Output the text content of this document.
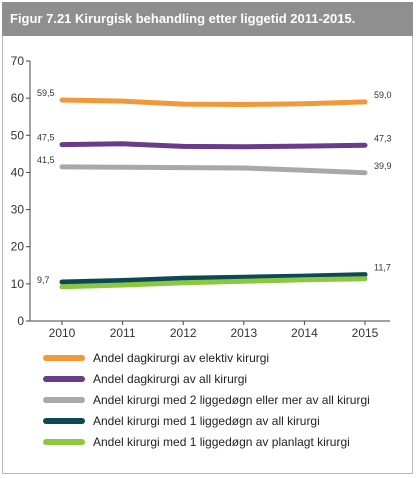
Figur 7.21 Kirurgisk behandling etter liggetid 2011-2015.
0
10
20
30
40
50
60
70
2010	2011	2012	2013	2014	2015
59,5	59,0
47,5	47,3
41,5
39,9
11,7
9,7
Andel dagkirurgi av elektiv kirurgi
Andel dagkirurgi av all kirurgi
Andel kirurgi med 2 liggedøgn eller mer av all kirurgi
Andel kirurgi med 1 liggedøgn av all kirurgi
Andel kirurgi med 1 liggedøgn av planlagt kirurgi
